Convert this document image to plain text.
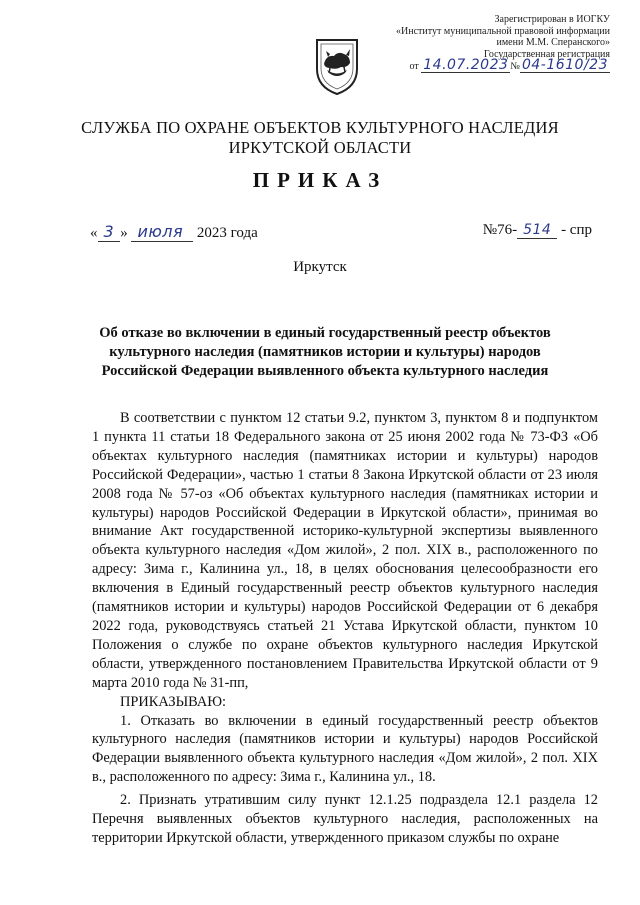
Зарегистрирован в ИОГКУ
«Институт муниципальной правовой информации
имени М.М. Сперанского»
Государственная регистрация
от
14.07.2023 № 04-1610/23
СЛУЖБА ПО ОХРАНЕ ОБЪЕКТОВ КУЛЬТУРНОГО НАСЛЕДИЯ
ИРКУТСКОЙ ОБЛАСТИ
ПРИКАЗ
« 3 »
июля
2023 года	№76- 514
- спр
Иркутск
Об отказе во включении в единый государственный реестр объектов
культурного наследия (памятников истории и культуры) народов
Российской Федерации выявленного объекта культурного наследия

В соответствии с пунктом 12 статьи 9.2, пунктом 3, пунктом 8 и подпунктом 1 пункта 11 статьи 18 Федерального закона от 25 июня 2002 года № 73-ФЗ «Об объектах культурного наследия (памятниках истории и культуры) народов Российской Федерации», частью 1 статьи 8 Закона Иркутской области от 23 июля 2008 года № 57-оз «Об объектах культурного наследия (памятниках истории и культуры) народов Российской Федерации в Иркутской области», принимая во внимание Акт государственной историко-культурной экспертизы выявленного объекта культурного наследия «Дом жилой», 2 пол. XIX в., расположенного по адресу: Зима г., Калинина ул., 18, в целях обоснования целесообразности его включения в Единый государственный реестр объектов культурного наследия (памятников истории и культуры) народов Российской Федерации от 6 декабря 2022 года, руководствуясь статьей 21 Устава Иркутской области, пунктом 10 Положения о службе по охране объектов культурного наследия Иркутской области, утвержденного постановлением Правительства Иркутской области от 9 марта 2010 года № 31-пп,

ПРИКАЗЫВАЮ:

1. Отказать во включении в единый государственный реестр объектов культурного наследия (памятников истории и культуры) народов Российской Федерации выявленного объекта культурного наследия «Дом жилой», 2 пол. XIX в., расположенного по адресу: Зима г., Калинина ул., 18.

2. Признать утратившим силу пункт 12.1.25 подраздела 12.1 раздела 12 Перечня выявленных объектов культурного наследия, расположенных на территории Иркутской области, утвержденного приказом службы по охране
